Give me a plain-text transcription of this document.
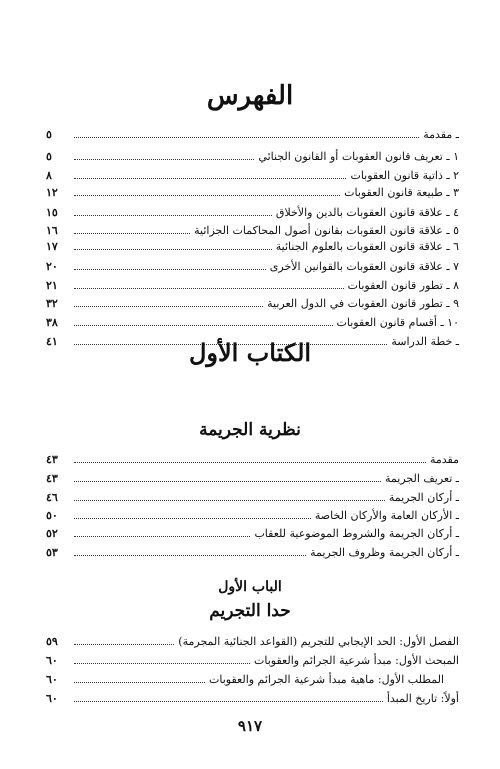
الفهرس
ـ مقدمة
٥
١ ـ تعريف قانون العقوبات أو القانون الجنائي
٥
٢ ـ ذاتية قانون العقوبات
٨
٣ ـ طبيعة قانون العقوبات
١٢
٤ ـ علاقة قانون العقوبات بالدين والأخلاق
١٥
٥ ـ علاقة قانون العقوبات بقانون أصول المحاكمات الجزائية
١٦
٦ ـ علاقة قانون العقوبات بالعلوم الجنائية
١٧
٧ ـ علاقة قانون العقوبات بالقوانين الأخرى
٢٠
٨ ـ تطور قانون العقوبات
٢١
٩ ـ تطور قانون العقوبات في الدول العربية
٣٢
١٠ ـ أقسام قانون العقوبات
٣٨
ـ خطة الدراسة
٤١	الكتاب الأول
نظرية الجريمة
مقدمة
٤٣
ـ تعريف الجريمة
٤٣
ـ أركان الجريمة
٤٦
ـ الأركان العامة والأركان الخاصة
٥٠
ـ أركان الجريمة والشروط الموضوعية للعقاب
٥٢
ـ أركان الجريمة وظروف الجريمة
٥٣
الباب الأول
حدا التجريم
الفصل الأول: الحد الإيجابي للتجريم (القواعد الجنائية المجرمة)
٥٩
المبحث الأول: مبدأ شرعية الجرائم والعقوبات
٦٠
المطلب الأول: ماهية مبدأ شرعية الجرائم والعقوبات
٦٠
أولاً: تاريخ المبدأ
٦٠
٩١٧
